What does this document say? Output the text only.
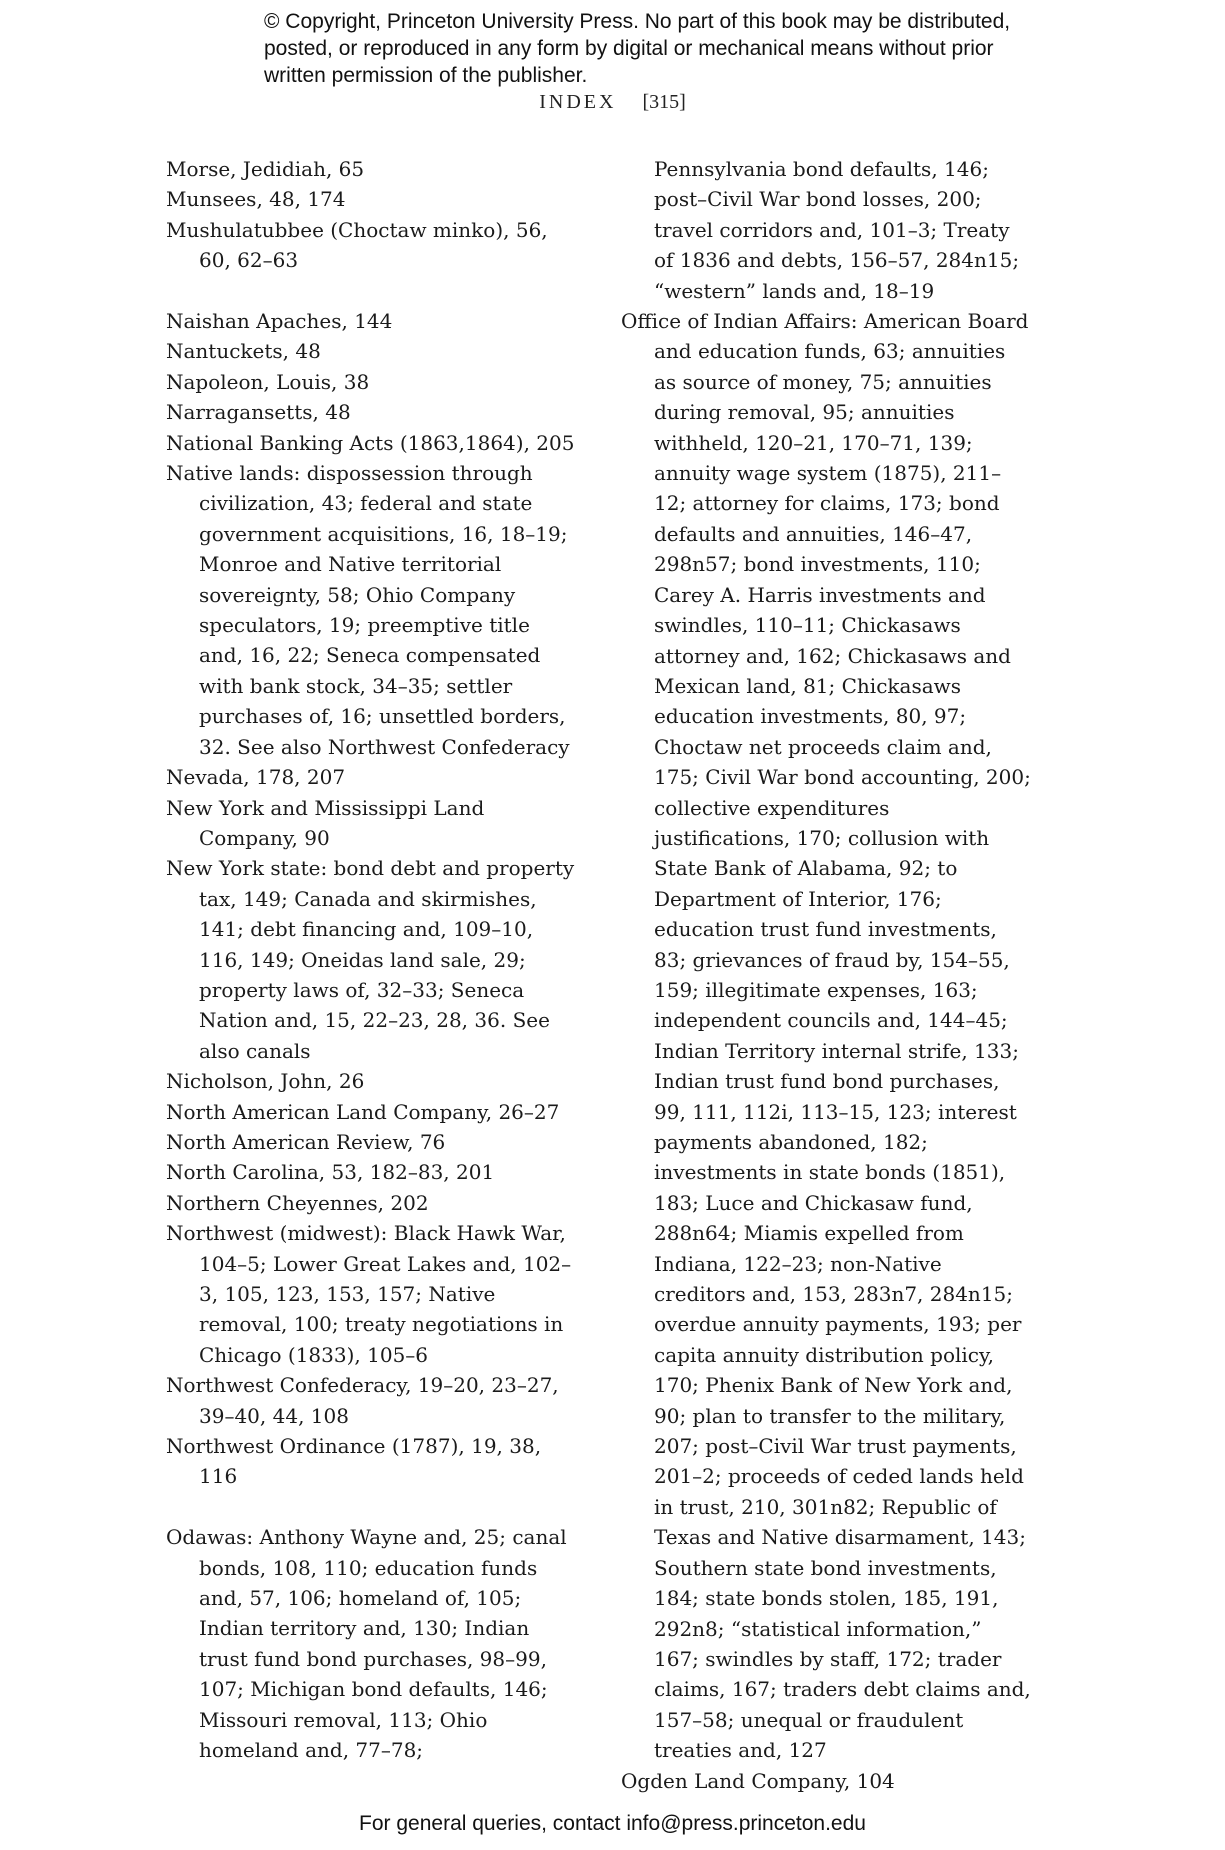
© Copyright, Princeton University Press. No part of this book may be distributed, posted, or reproduced in any form by digital or mechanical means without prior written permission of the publisher.
INDEX [315]

Morse, Jedidiah, 65

Munsees, 48, 174

Mushulatubbee (Choctaw minko), 56, 60, 62–63

Naishan Apaches, 144

Nantuckets, 48

Napoleon, Louis, 38

Narragansetts, 48

National Banking Acts (1863,1864), 205

Native lands: dispossession through civilization, 43; federal and state government acquisitions, 16, 18–19; Monroe and Native territorial sovereignty, 58; Ohio Company speculators, 19; preemptive title and, 16, 22; Seneca compensated with bank stock, 34–35; settler purchases of, 16; unsettled borders, 32. See also Northwest Confederacy

Nevada, 178, 207

New York and Mississippi Land Company, 90

New York state: bond debt and property tax, 149; Canada and skirmishes, 141; debt financing and, 109–10, 116, 149; Oneidas land sale, 29; property laws of, 32–33; Seneca Nation and, 15, 22–23, 28, 36. See also canals

Nicholson, John, 26

North American Land Company, 26–27

North American Review, 76

North Carolina, 53, 182–83, 201

Northern Cheyennes, 202

Northwest (midwest): Black Hawk War, 104–5; Lower Great Lakes and, 102–3, 105, 123, 153, 157; Native removal, 100; treaty negotiations in Chicago (1833), 105–6

Northwest Confederacy, 19–20, 23–27, 39–40, 44, 108

Northwest Ordinance (1787), 19, 38, 116

Odawas: Anthony Wayne and, 25; canal bonds, 108, 110; education funds and, 57, 106; homeland of, 105; Indian territory and, 130; Indian trust fund bond purchases, 98–99, 107; Michigan bond defaults, 146; Missouri removal, 113; Ohio homeland and, 77–78;

Pennsylvania bond defaults, 146; post–Civil War bond losses, 200; travel corridors and, 101–3; Treaty of 1836 and debts, 156–57, 284n15; “western” lands and, 18–19

Office of Indian Affairs: American Board and education funds, 63; annuities as source of money, 75; annuities during removal, 95; annuities withheld, 120–21, 170–71, 139; annuity wage system (1875), 211–12; attorney for claims, 173; bond defaults and annuities, 146–47, 298n57; bond investments, 110; Carey A. Harris investments and swindles, 110–11; Chickasaws attorney and, 162; Chickasaws and Mexican land, 81; Chickasaws education investments, 80, 97; Choctaw net proceeds claim and, 175; Civil War bond accounting, 200; collective expenditures justifications, 170; collusion with State Bank of Alabama, 92; to Department of Interior, 176; education trust fund investments, 83; grievances of fraud by, 154–55, 159; illegitimate expenses, 163; independent councils and, 144–45; Indian Territory internal strife, 133; Indian trust fund bond purchases, 99, 111, 112i, 113–15, 123; interest payments abandoned, 182; investments in state bonds (1851), 183; Luce and Chickasaw fund, 288n64; Miamis expelled from Indiana, 122–23; non-Native creditors and, 153, 283n7, 284n15; overdue annuity payments, 193; per capita annuity distribution policy, 170; Phenix Bank of New York and, 90; plan to transfer to the military, 207; post–Civil War trust payments, 201–2; proceeds of ceded lands held in trust, 210, 301n82; Republic of Texas and Native disarmament, 143; Southern state bond investments, 184; state bonds stolen, 185, 191, 292n8; “statistical information,” 167; swindles by staff, 172; trader claims, 167; traders debt claims and, 157–58; unequal or fraudulent treaties and, 127

Ogden Land Company, 104

For general queries, contact info@press.princeton.edu
